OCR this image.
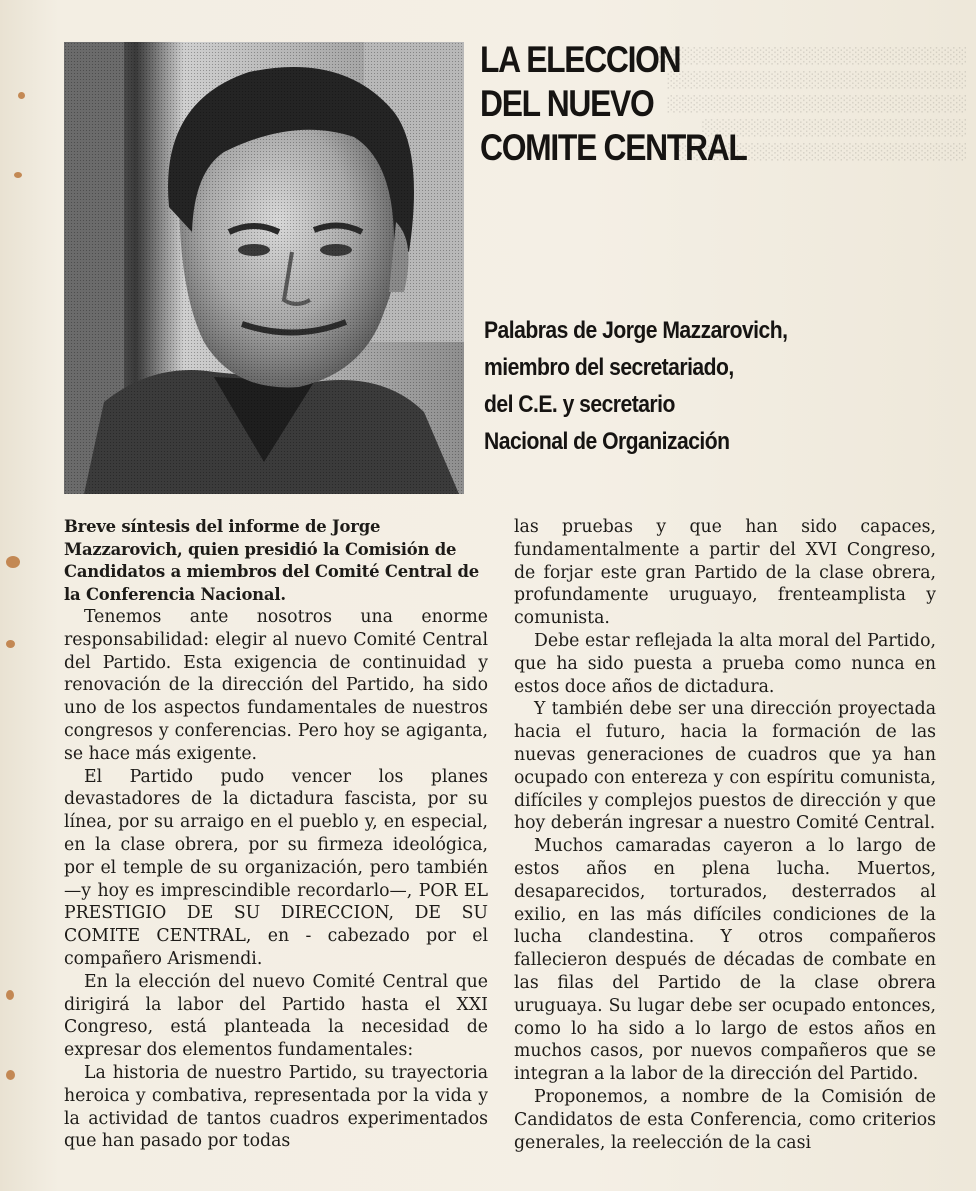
░░░░░░░░░░░░░░░░░░░░░░░░░░░
░░░░░░░░░░░░░░░░░░░░░░░░░░
░░░░░░░░░░░░░░░░░░░░░░░░░░
░░░░░░░░░░░░░░░░░░░░░░░
░░░░░░░░░░░░░░░░░░░░░░░░░
LA ELECCION
DEL NUEVO
COMITE CENTRAL
Palabras de Jorge Mazzarovich,
miembro del secretariado,
del C.E. y secretario
Nacional de Organización

Breve síntesis del informe de Jorge Mazzarovich, quien presidió la Comisión de Candidatos a miembros del Comité Central de la Conferencia Nacional.

Tenemos ante nosotros una enorme responsabilidad: elegir al nuevo Comité Central del Partido. Esta exigencia de continuidad y renovación de la dirección del Partido, ha sido uno de los aspectos fundamentales de nuestros congresos y conferencias. Pero hoy se agiganta, se hace más exigente.

El Partido pudo vencer los planes devastadores de la dictadura fascista, por su línea, por su arraigo en el pueblo y, en especial, en la clase obrera, por su firmeza ideológica, por el temple de su organización, pero también —y hoy es imprescindible recordarlo—, POR EL PRESTIGIO DE SU DIRECCION, DE SU COMITE CENTRAL, en - cabezado por el compañero Arismendi.

En la elección del nuevo Comité Central que dirigirá la labor del Partido hasta el XXI Congreso, está planteada la necesidad de expresar dos elementos fundamentales:

La historia de nuestro Partido, su trayectoria heroica y combativa, representada por la vida y la actividad de tantos cuadros experimentados que han pasado por todas

las pruebas y que han sido capaces, fundamentalmente a partir del XVI Congreso, de forjar este gran Partido de la clase obrera, profundamente uruguayo, frenteamplista y comunista.

Debe estar reflejada la alta moral del Partido, que ha sido puesta a prueba como nunca en estos doce años de dictadura.

Y también debe ser una dirección proyectada hacia el futuro, hacia la formación de las nuevas generaciones de cuadros que ya han ocupado con entereza y con espíritu comunista, difíciles y complejos puestos de dirección y que hoy deberán ingresar a nuestro Comité Central.

Muchos camaradas cayeron a lo largo de estos años en plena lucha. Muertos, desaparecidos, torturados, desterrados al exilio, en las más difíciles condiciones de la lucha clandestina. Y otros compañeros fallecieron después de décadas de combate en las filas del Partido de la clase obrera uruguaya. Su lugar debe ser ocupado entonces, como lo ha sido a lo largo de estos años en muchos casos, por nuevos compañeros que se integran a la labor de la dirección del Partido.

Proponemos, a nombre de la Comisión de Candidatos de esta Conferencia, como criterios generales, la reelección de la casi
